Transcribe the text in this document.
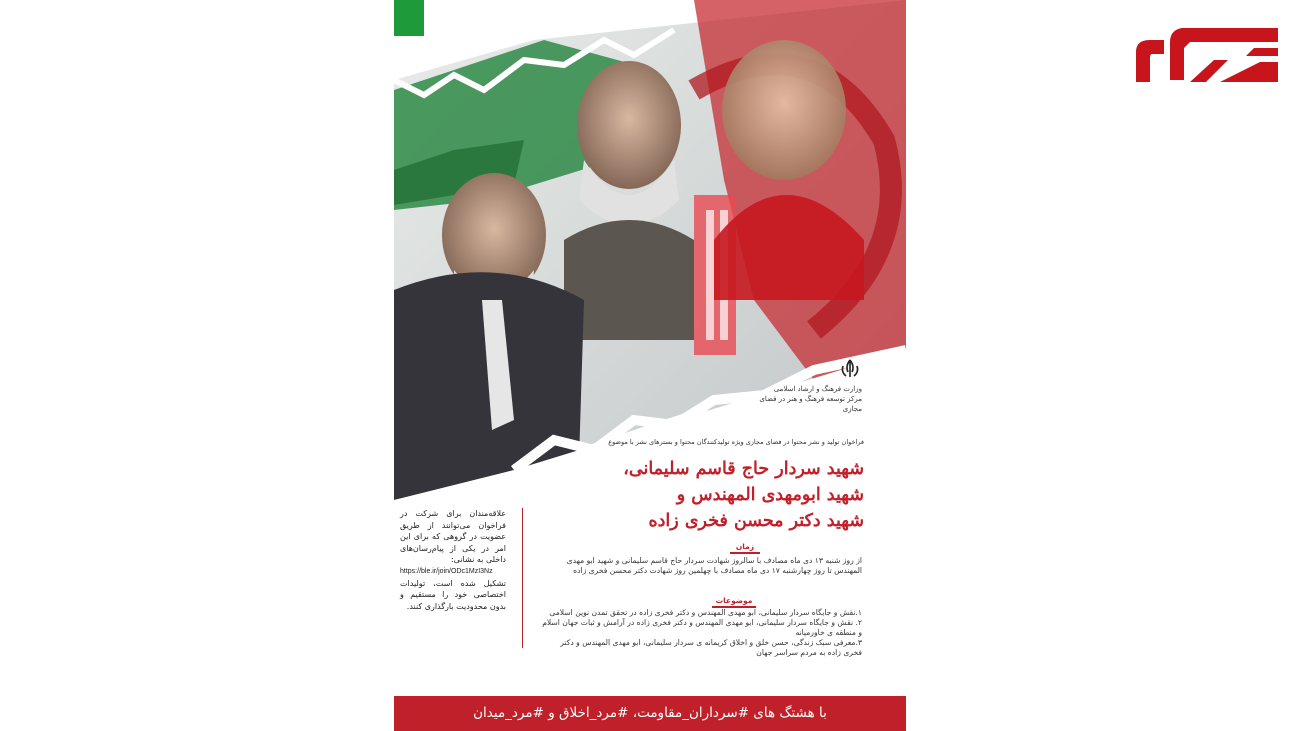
وزارت فرهنگ و ارشاد اسلامی
مرکز توسعه فرهنگ و هنر در فضای مجازی
فراخوان تولید و نشر محتوا در فضای مجازی ویژه تولیدکنندگان محتوا و بسترهای نشر با موضوع
شهید سردار حاج قاسم سلیمانی،
شهید ابومهدی المهندس و
شهید دکتر محسن فخری زاده
علاقه‌مندان برای شرکت در فراخوان می‌توانند از طریق عضویت در گروهی که برای این امر در یکی از پیام‌رسان‌های داخلی به نشانی:
https://ble.ir/join/ODc1MzI3Nz
تشکیل شده است، تولیدات اختصاصی خود را مستقیم و بدون محدودیت بارگذاری کنند.
زمان
از روز شنبه ۱۳ دی ماه مصادف با سالروز شهادت سردار حاج قاسم سلیمانی و شهید ابو مهدی المهندس تا روز چهارشنبه ۱۷ دی ماه مصادف با چهلمین روز شهادت دکتر محسن فخری زاده
موضوعات
۱.نقش و جایگاه سردار سلیمانی، ابو مهدی المهندس و دکتر فخری زاده در تحقق تمدن نوین اسلامی
۲. نقش و جایگاه سردار سلیمانی، ابو مهدی المهندس و دکتر فخری زاده در آرامش و ثبات جهان اسلام و منطقه ی خاورمیانه
۳.معرفی سبک زندگی، حسن خلق و اخلاق کریمانه ی سردار سلیمانی، ابو مهدی المهندس و دکتر فخری زاده به مردم سراسر جهان
با هشتگ های #سرداران_مقاومت، #مرد_اخلاق و #مرد_میدان
